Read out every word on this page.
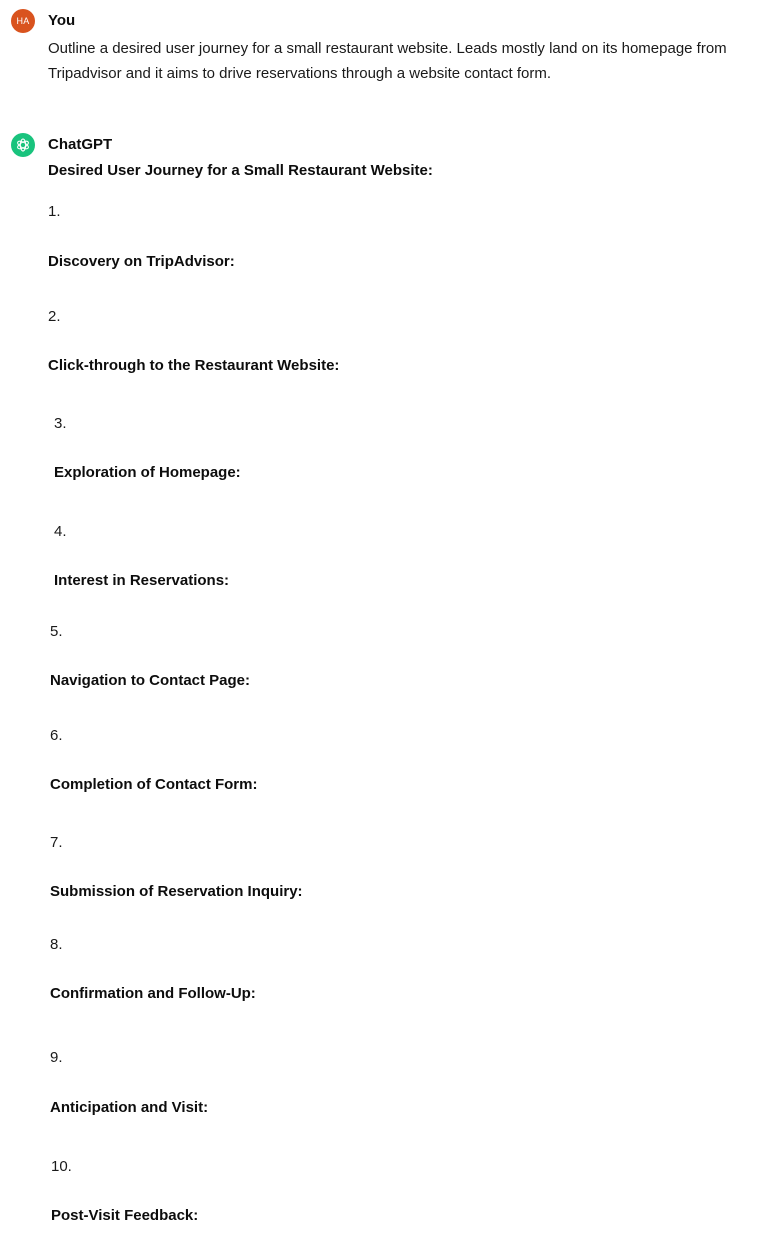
HA You
Outline a desired user journey for a small restaurant website. Leads mostly land on its homepage from Tripadvisor and it aims to drive reservations through a website contact form.
ChatGPT
Desired User Journey for a Small Restaurant Website:
1.
Discovery on TripAdvisor:
2.
Click-through to the Restaurant Website:
3.
Exploration of Homepage:
4.
Interest in Reservations:
5.
Navigation to Contact Page:
6.
Completion of Contact Form:
7.
Submission of Reservation Inquiry:
8.
Confirmation and Follow-Up:
9.
Anticipation and Visit:
10.
Post-Visit Feedback:
